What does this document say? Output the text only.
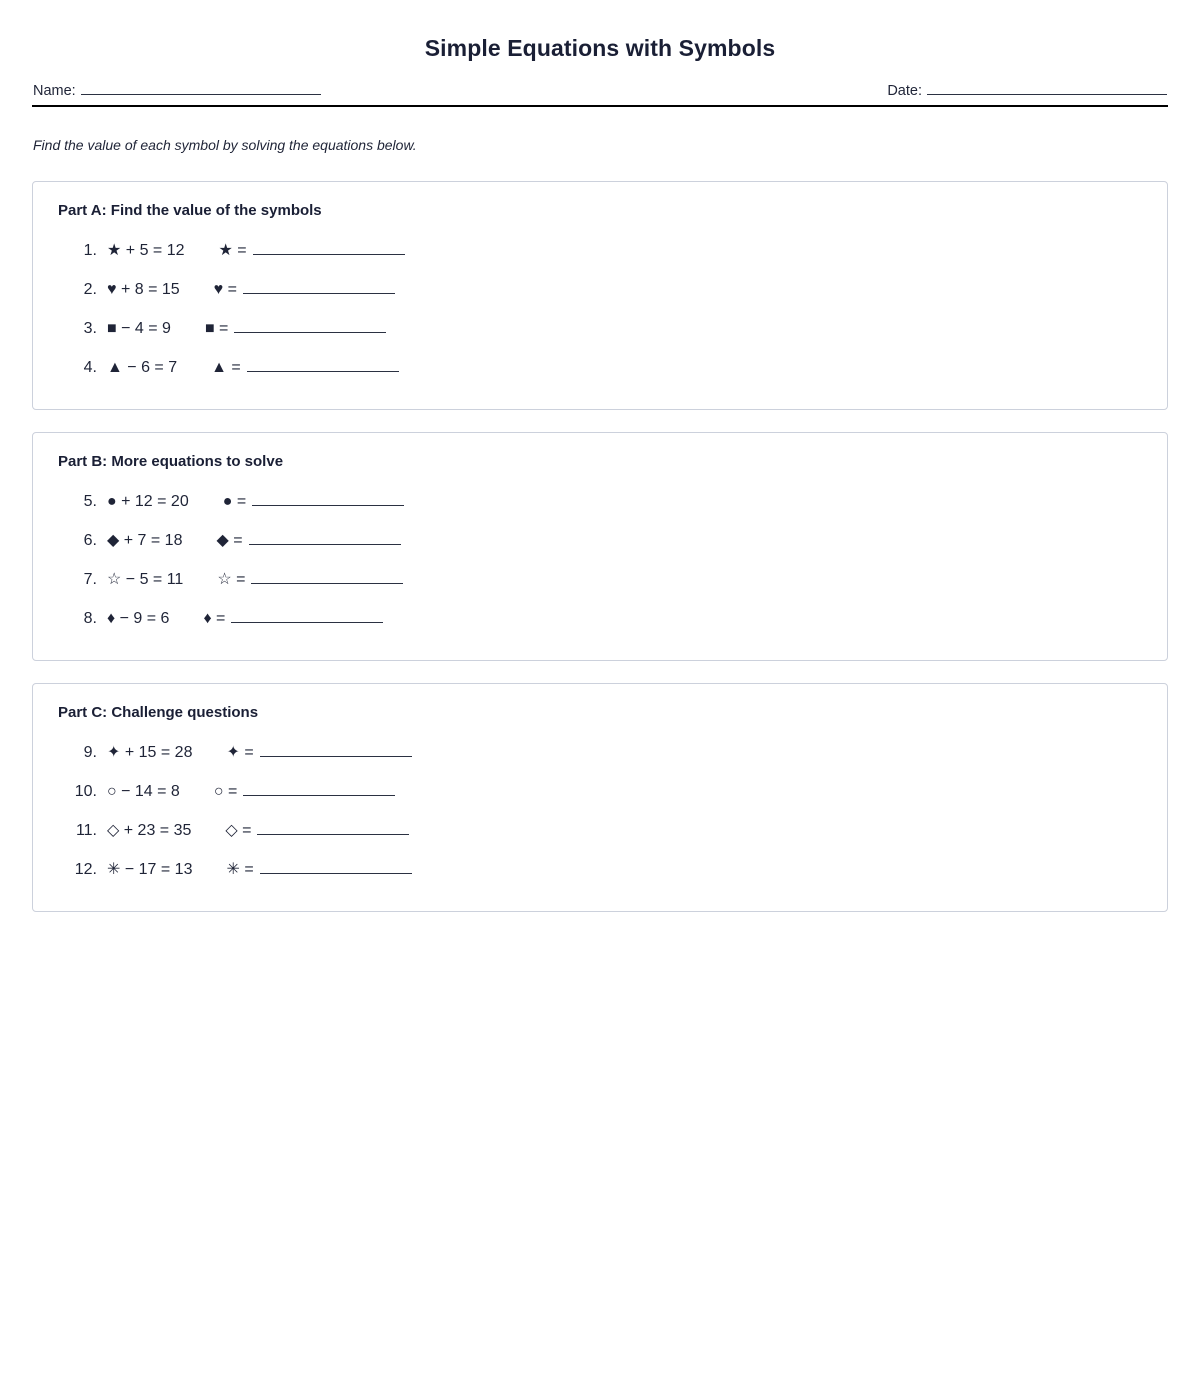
Simple Equations with Symbols
Name:	Date:

Find the value of each symbol by solving the equations below.

Part A: Find the value of the symbols
1. ★ + 5 = 12 ★ =
2. ♥ + 8 = 15 ♥ =
3. ■ − 4 = 9 ■ =
4. ▲ − 6 = 7 ▲ =
Part B: More equations to solve
5. ● + 12 = 20 ● =
6. ◆ + 7 = 18 ◆ =
7. ☆ − 5 = 11 ☆ =
8. ♦ − 9 = 6 ♦ =
Part C: Challenge questions
9. ✦ + 15 = 28 ✦ =
10. ○ − 14 = 8 ○ =
11. ◇ + 23 = 35 ◇ =
12. ✳ − 17 = 13 ✳ =
